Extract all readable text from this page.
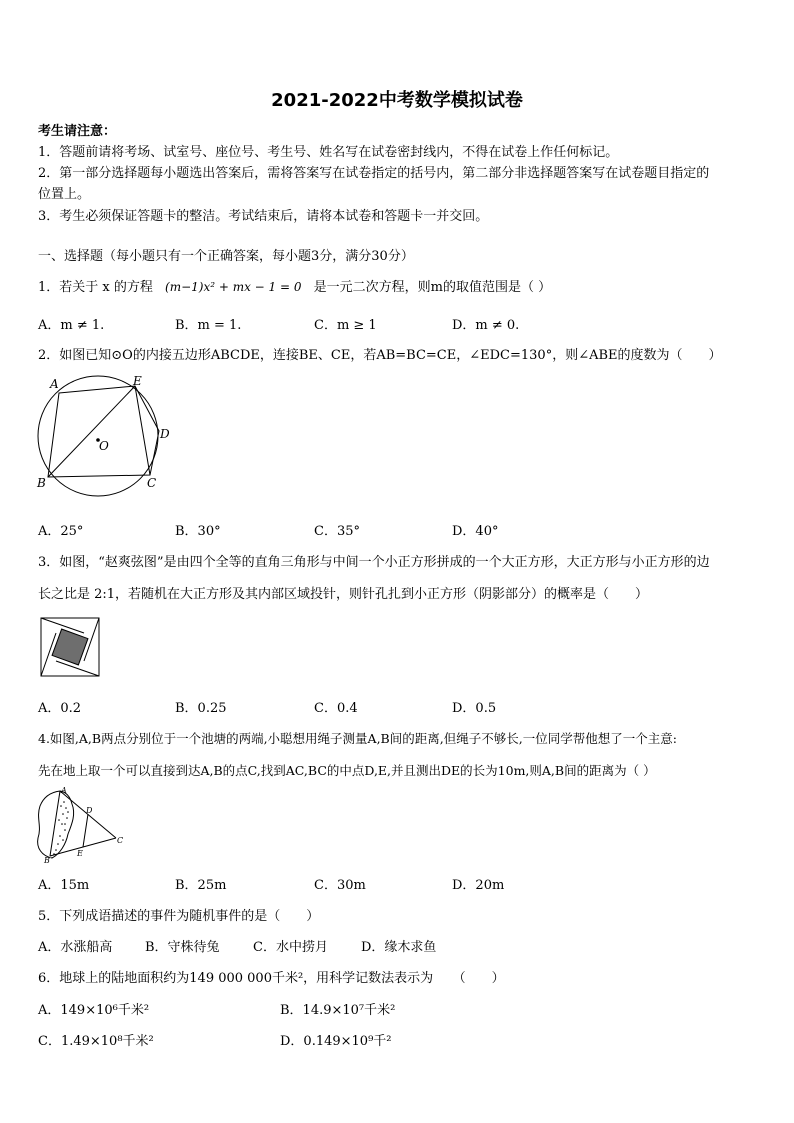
2021-2022中考数学模拟试卷
考生请注意：
1．答题前请将考场、试室号、座位号、考生号、姓名写在试卷密封线内，不得在试卷上作任何标记。
2．第一部分选择题每小题选出答案后，需将答案写在试卷指定的括号内，第二部分非选择题答案写在试卷题目指定的
位置上。
3．考生必须保证答题卡的整洁。考试结束后，请将本试卷和答题卡一并交回。
一、选择题（每小题只有一个正确答案，每小题3分，满分30分）
1．若关于 x 的方程 (m−1)x² + mx − 1 = 0 是一元二次方程，则m的取值范围是（ ）
A．m ≠ 1.	B．m = 1.	C．m ≥ 1	D．m ≠ 0.
2．如图已知⊙O的内接五边形ABCDE，连接BE、CE，若AB=BC=CE，∠EDC=130°，则∠ABE的度数为（　　）
A	E
D
O
B	C
A．25°	B．30°	C．35°	D．40°
3．如图，“赵爽弦图”是由四个全等的直角三角形与中间一个小正方形拼成的一个大正方形，大正方形与小正方形的边
长之比是 2:1，若随机在大正方形及其内部区域投针，则针孔扎到小正方形（阴影部分）的概率是（　　）
A．0.2	B．0.25	C．0.4	D．0.5
4.如图,A,B两点分别位于一个池塘的两端,小聪想用绳子测量A,B间的距离,但绳子不够长,一位同学帮他想了一个主意:
先在地上取一个可以直接到达A,B的点C,找到AC,BC的中点D,E,并且测出DE的长为10m,则A,B间的距离为（ ）
A
D
C
E
B
A．15m	B．25m	C．30m	D．20m
5．下列成语描述的事件为随机事件的是（　　）
A．水涨船高	B．守株待兔	C．水中捞月	D．缘木求鱼
6．地球上的陆地面积约为149 000 000千米²，用科学记数法表示为　　（　　）
A．149×10⁶千米²	B．14.9×10⁷千米²
C．1.49×10⁸千米²	D．0.149×10⁹千²
